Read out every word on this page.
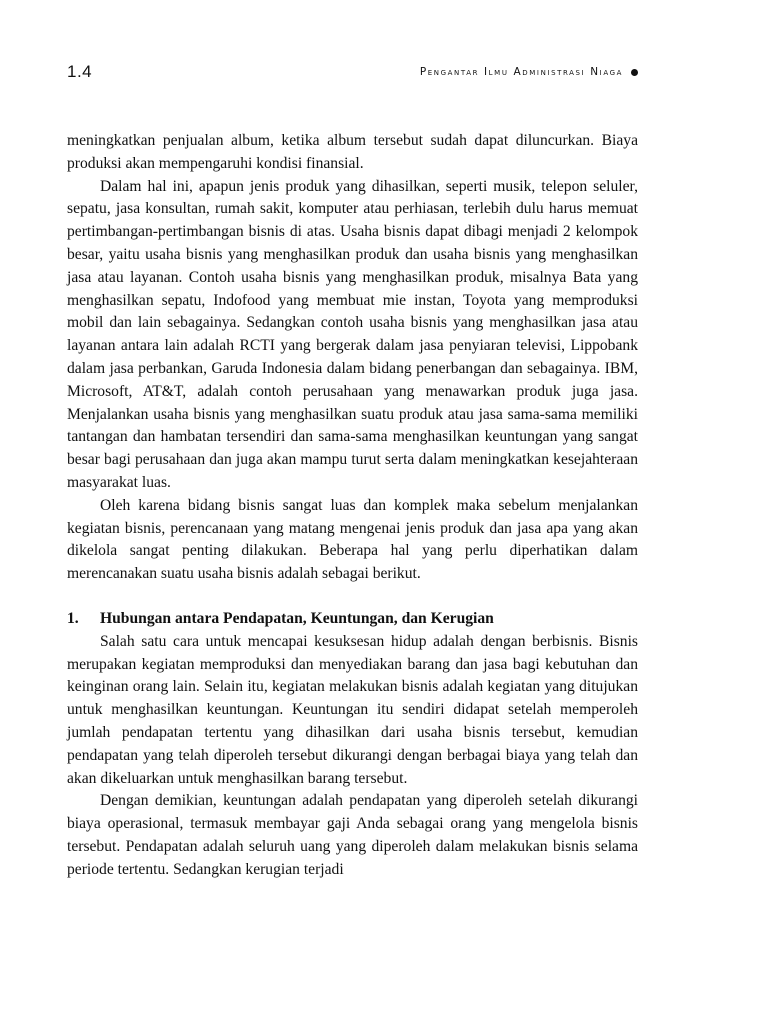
1.4	Pengantar Ilmu Administrasi Niaga

meningkatkan penjualan album, ketika album tersebut sudah dapat diluncurkan. Biaya produksi akan mempengaruhi kondisi finansial.

Dalam hal ini, apapun jenis produk yang dihasilkan, seperti musik, telepon seluler, sepatu, jasa konsultan, rumah sakit, komputer atau perhiasan, terlebih dulu harus memuat pertimbangan-pertimbangan bisnis di atas. Usaha bisnis dapat dibagi menjadi 2 kelompok besar, yaitu usaha bisnis yang menghasilkan produk dan usaha bisnis yang menghasilkan jasa atau layanan. Contoh usaha bisnis yang menghasilkan produk, misalnya Bata yang menghasilkan sepatu, Indofood yang membuat mie instan, Toyota yang memproduksi mobil dan lain sebagainya. Sedangkan contoh usaha bisnis yang menghasilkan jasa atau layanan antara lain adalah RCTI yang bergerak dalam jasa penyiaran televisi, Lippobank dalam jasa perbankan, Garuda Indonesia dalam bidang penerbangan dan sebagainya. IBM, Microsoft, AT&T, adalah contoh perusahaan yang menawarkan produk juga jasa. Menjalankan usaha bisnis yang menghasilkan suatu produk atau jasa sama-sama memiliki tantangan dan hambatan tersendiri dan sama-sama menghasilkan keuntungan yang sangat besar bagi perusahaan dan juga akan mampu turut serta dalam meningkatkan kesejahteraan masyarakat luas.

Oleh karena bidang bisnis sangat luas dan komplek maka sebelum menjalankan kegiatan bisnis, perencanaan yang matang mengenai jenis produk dan jasa apa yang akan dikelola sangat penting dilakukan. Beberapa hal yang perlu diperhatikan dalam merencanakan suatu usaha bisnis adalah sebagai berikut.

1.	Hubungan antara Pendapatan, Keuntungan, dan Kerugian

Salah satu cara untuk mencapai kesuksesan hidup adalah dengan berbisnis. Bisnis merupakan kegiatan memproduksi dan menyediakan barang dan jasa bagi kebutuhan dan keinginan orang lain. Selain itu, kegiatan melakukan bisnis adalah kegiatan yang ditujukan untuk menghasilkan keuntungan. Keuntungan itu sendiri didapat setelah memperoleh jumlah pendapatan tertentu yang dihasilkan dari usaha bisnis tersebut, kemudian pendapatan yang telah diperoleh tersebut dikurangi dengan berbagai biaya yang telah dan akan dikeluarkan untuk menghasilkan barang tersebut.

Dengan demikian, keuntungan adalah pendapatan yang diperoleh setelah dikurangi biaya operasional, termasuk membayar gaji Anda sebagai orang yang mengelola bisnis tersebut. Pendapatan adalah seluruh uang yang diperoleh dalam melakukan bisnis selama periode tertentu. Sedangkan kerugian terjadi
